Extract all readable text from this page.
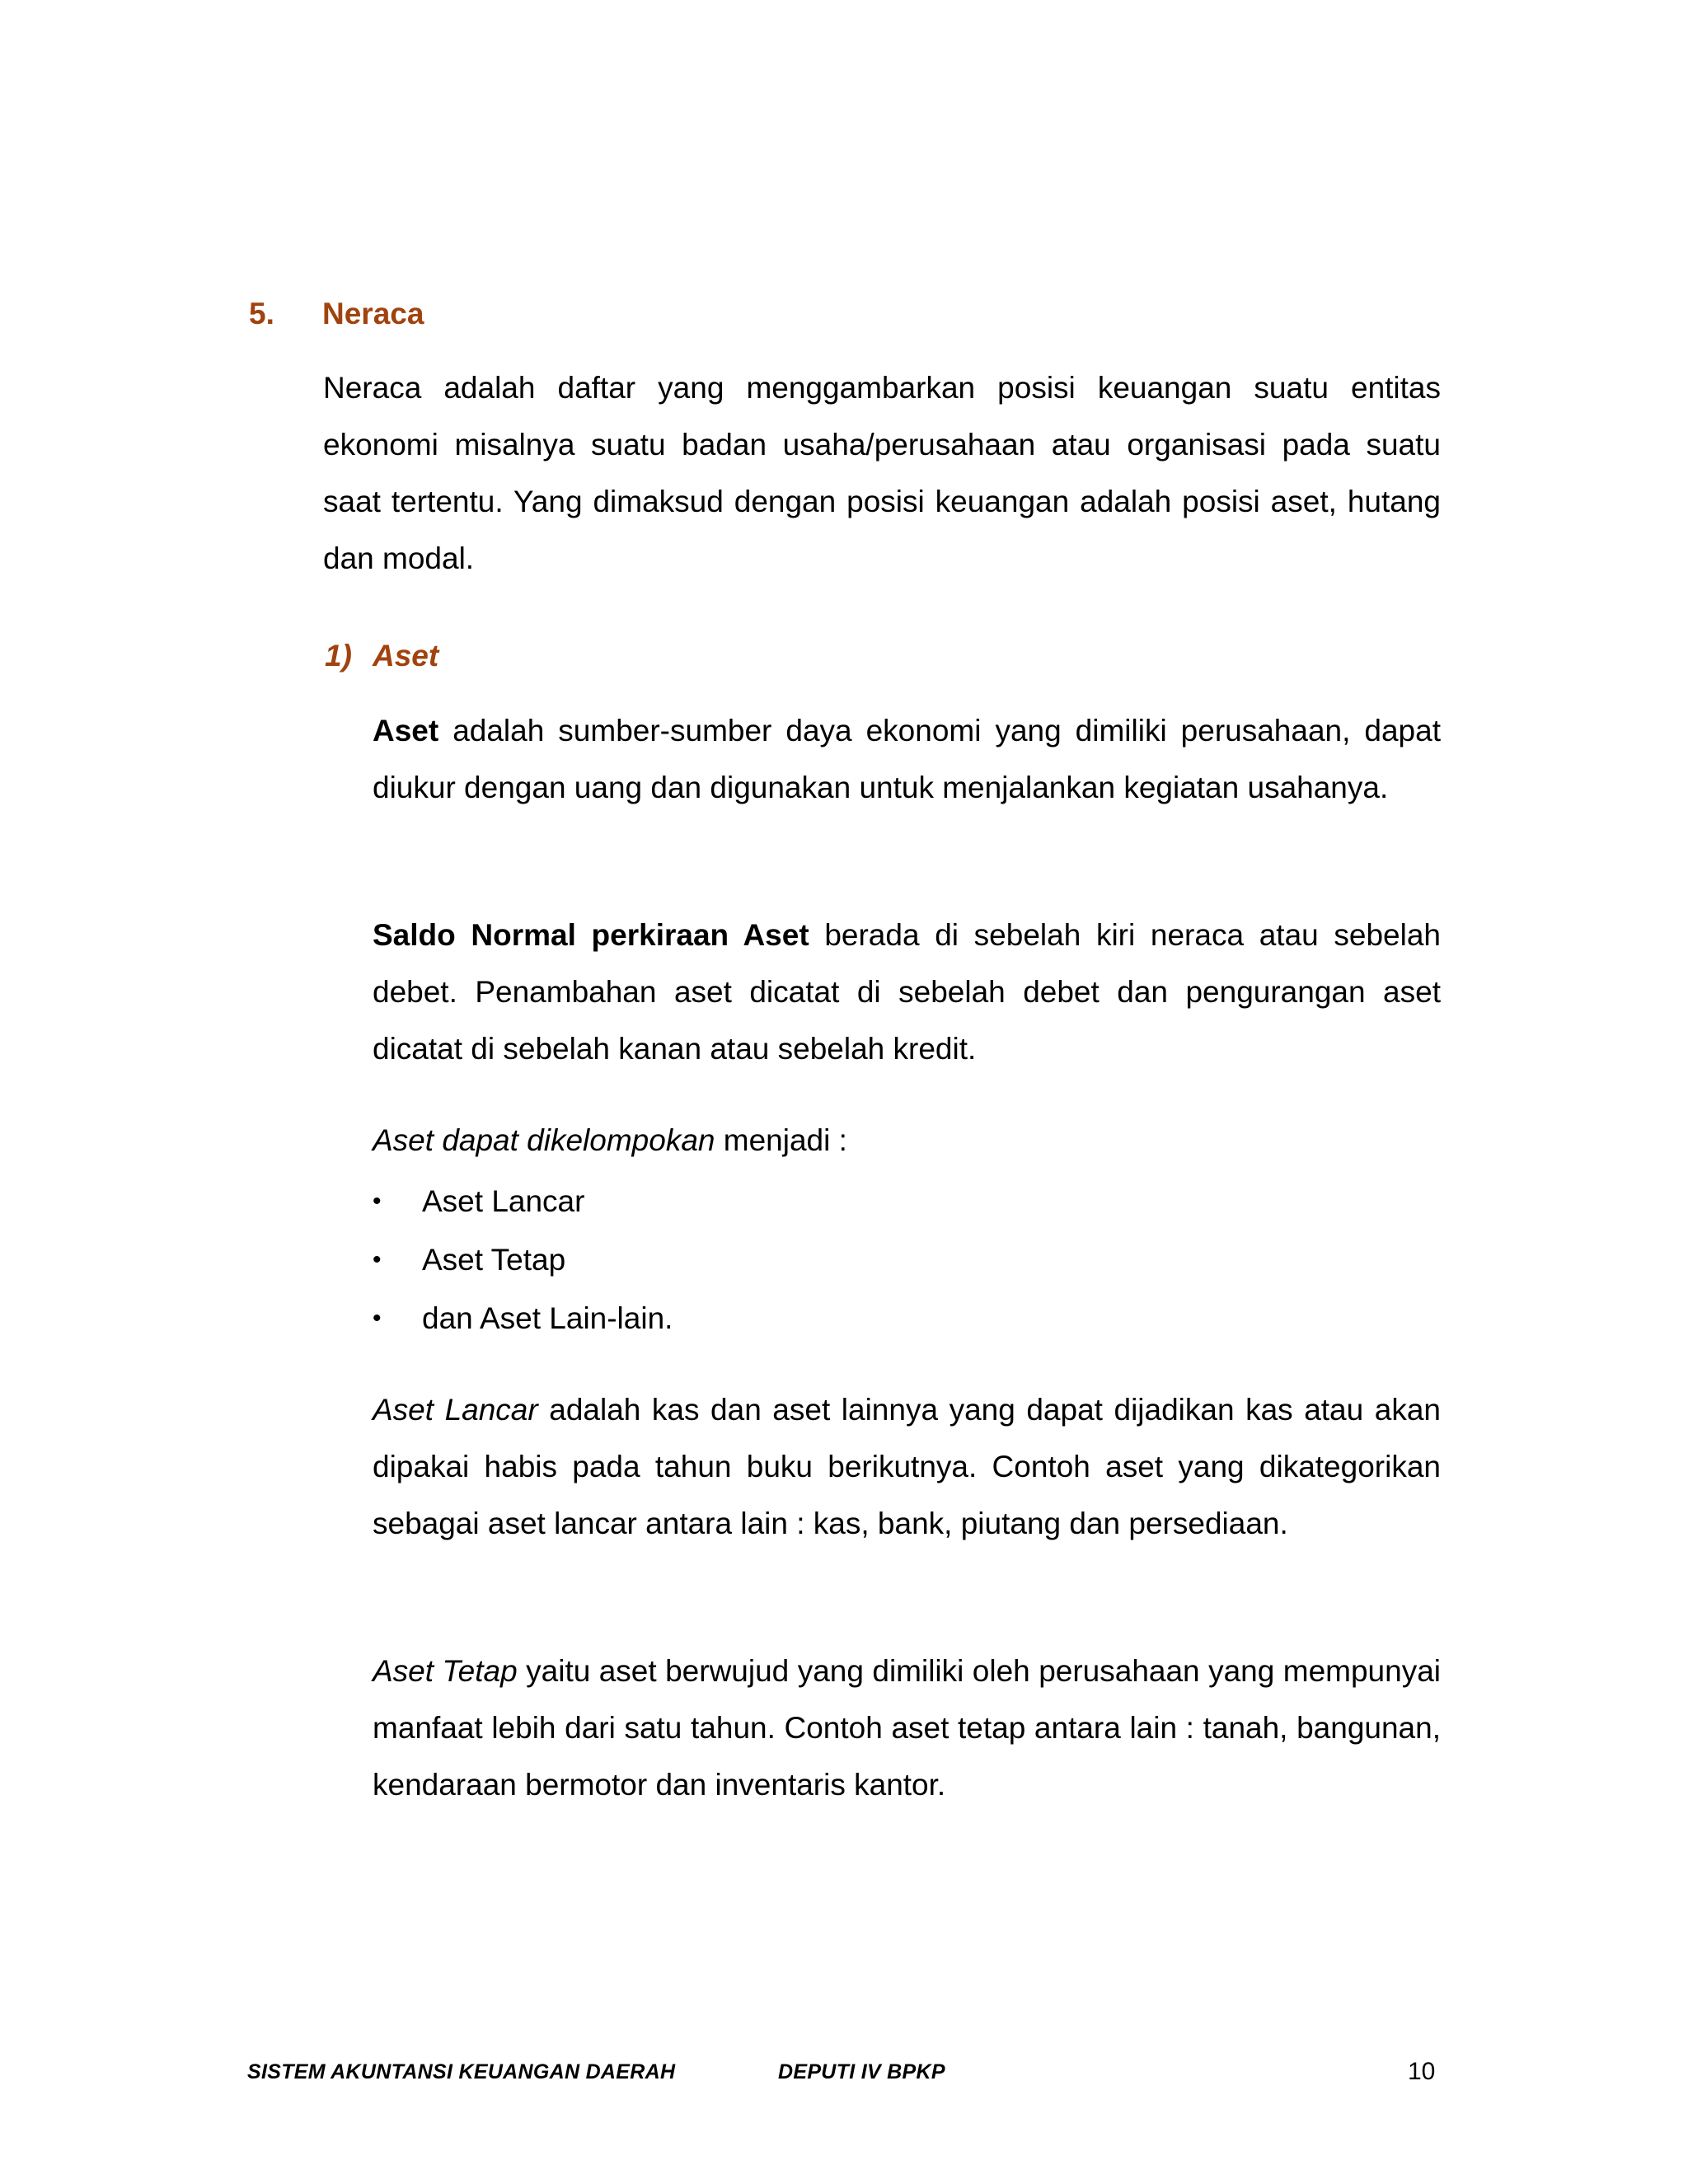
5.	Neraca

Neraca adalah daftar yang menggambarkan posisi keuangan suatu entitas ekonomi misalnya suatu badan usaha/perusahaan atau organisasi pada suatu saat tertentu. Yang dimaksud dengan posisi keuangan adalah posisi aset, hutang dan modal.

1) Aset

Aset adalah sumber-sumber daya ekonomi yang dimiliki perusahaan, dapat diukur dengan uang dan digunakan untuk menjalankan kegiatan usahanya.

Saldo Normal perkiraan Aset berada di sebelah kiri neraca atau sebelah debet. Penambahan aset dicatat di sebelah debet dan pengurangan aset dicatat di sebelah kanan atau sebelah kredit.

Aset dapat dikelompokan menjadi :

•	Aset Lancar
•	Aset Tetap
•	dan Aset Lain-lain.

Aset Lancar adalah kas dan aset lainnya yang dapat dijadikan kas atau akan dipakai habis pada tahun buku berikutnya. Contoh aset yang dikategorikan sebagai aset lancar antara lain : kas, bank, piutang dan persediaan.

Aset Tetap yaitu aset berwujud yang dimiliki oleh perusahaan yang mempunyai manfaat lebih dari satu tahun. Contoh aset tetap antara lain : tanah, bangunan, kendaraan bermotor dan inventaris kantor.

SISTEM AKUNTANSI KEUANGAN DAERAH	DEPUTI IV BPKP	10
